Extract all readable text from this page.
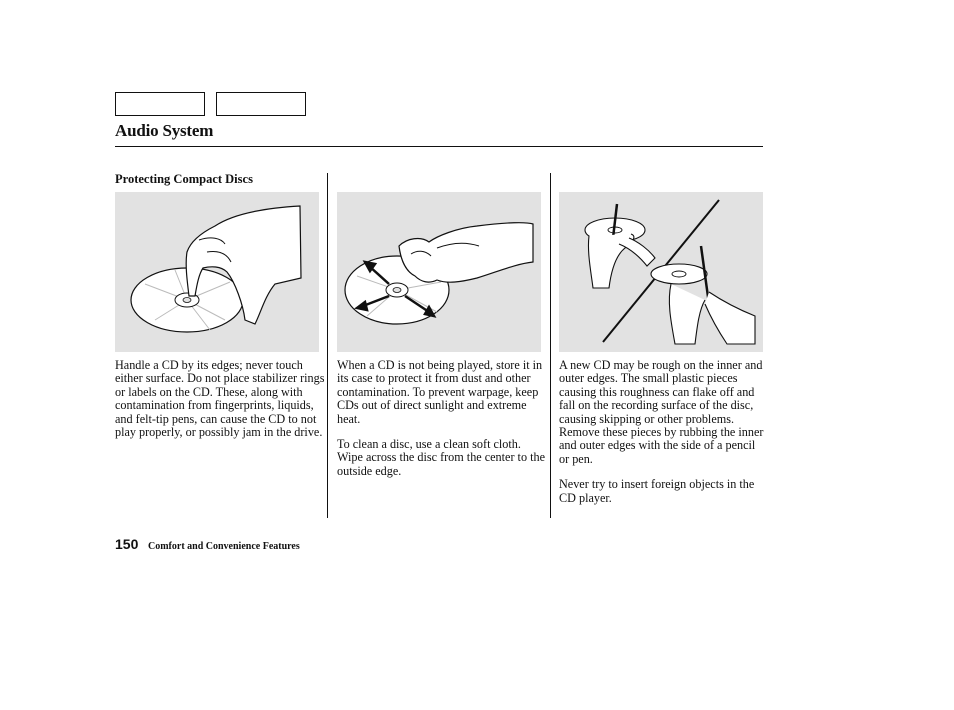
Audio System
Protecting Compact Discs

Handle a CD by its edges; never touch either surface. Do not place stabilizer rings or labels on the CD. These, along with contamination from fingerprints, liquids, and felt-tip pens, can cause the CD to not play properly, or possibly jam in the drive.

When a CD is not being played, store it in its case to protect it from dust and other contamination. To prevent warpage, keep CDs out of direct sunlight and extreme heat.

To clean a disc, use a clean soft cloth. Wipe across the disc from the center to the outside edge.

A new CD may be rough on the inner and outer edges. The small plastic pieces causing this roughness can flake off and fall on the recording surface of the disc, causing skipping or other problems. Remove these pieces by rubbing the inner and outer edges with the side of a pencil or pen.

Never try to insert foreign objects in the CD player.

150 Comfort and Convenience Features
